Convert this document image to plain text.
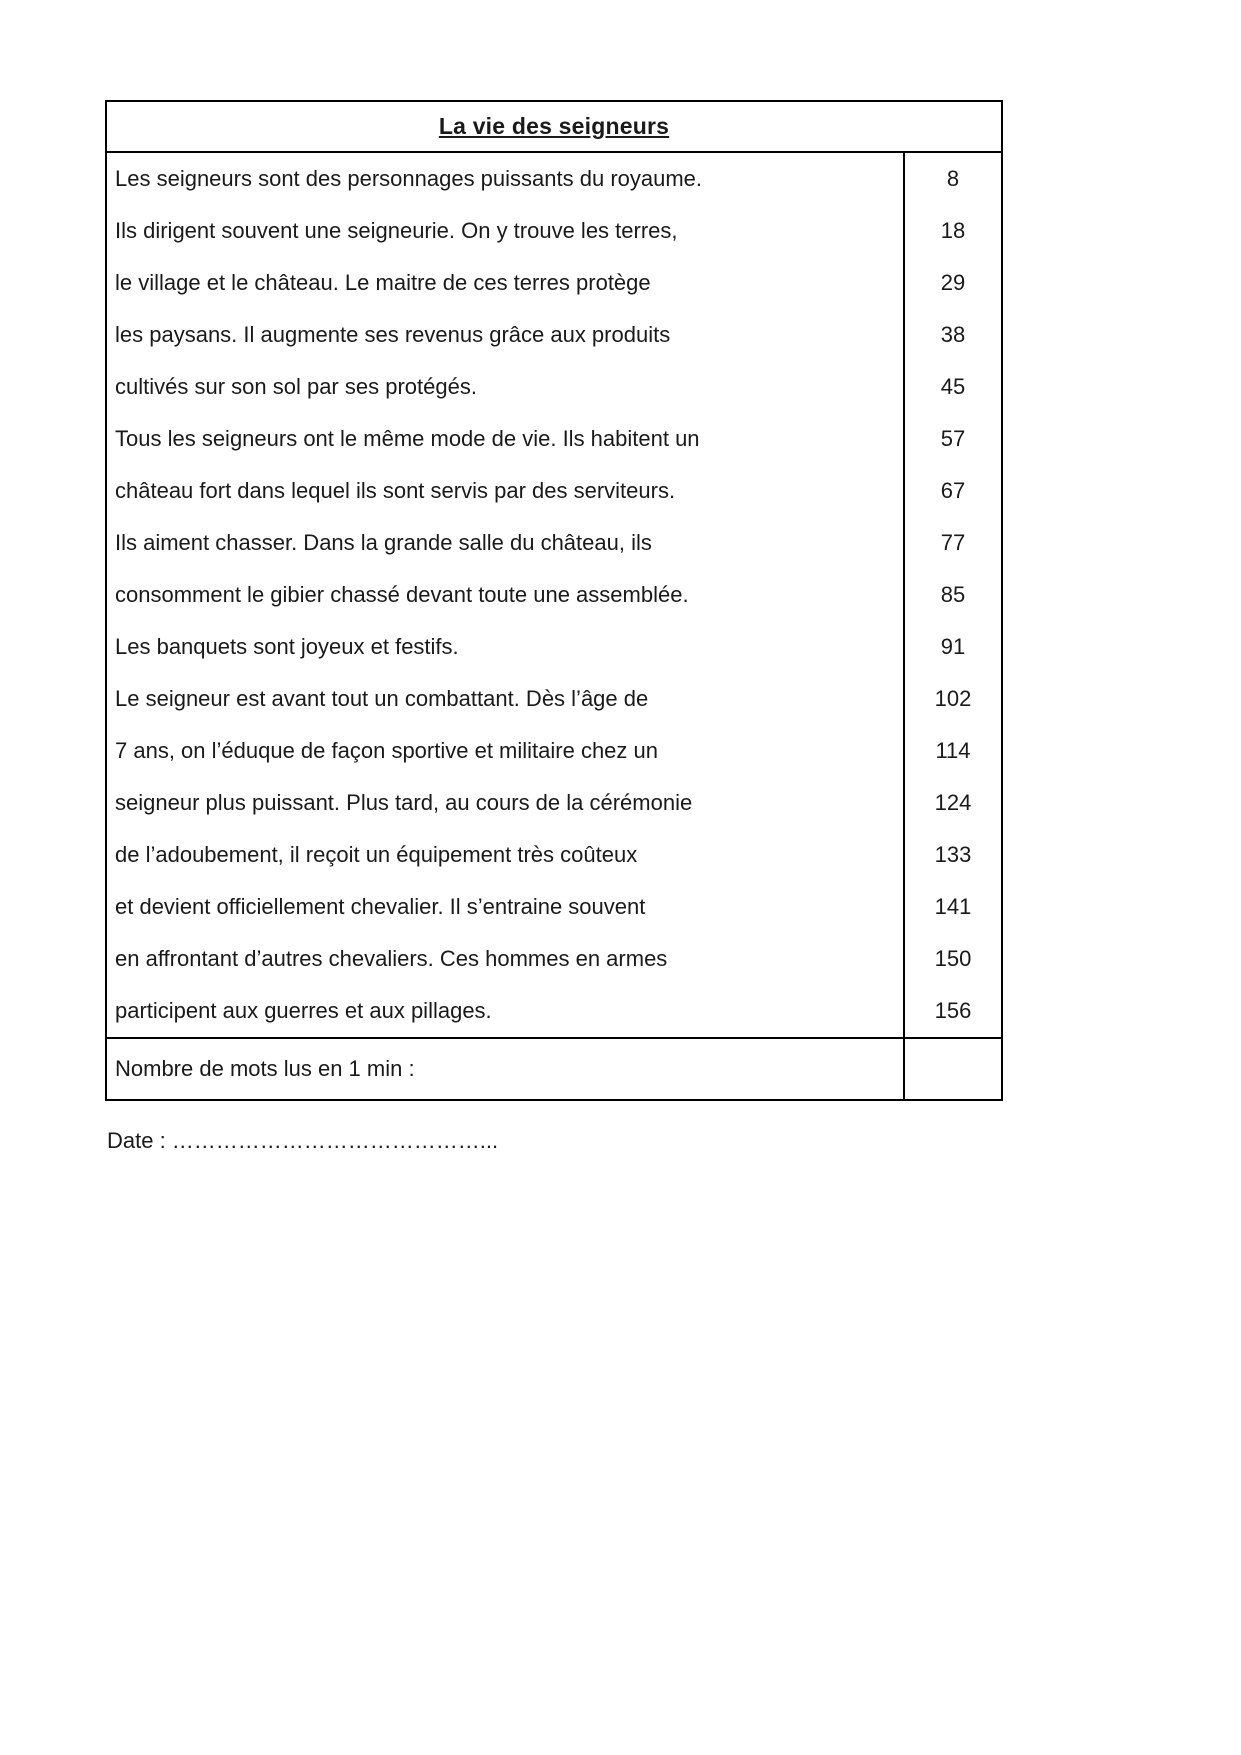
La vie des seigneurs
Les seigneurs sont des personnages puissants du royaume.	8
Ils dirigent souvent une seigneurie. On y trouve les terres,	18
le village et le château. Le maitre de ces terres protège	29
les paysans. Il augmente ses revenus grâce aux produits	38
cultivés sur son sol par ses protégés.	45
Tous les seigneurs ont le même mode de vie. Ils habitent un	57
château fort dans lequel ils sont servis par des serviteurs.	67
Ils aiment chasser. Dans la grande salle du château, ils	77
consomment le gibier chassé devant toute une assemblée.	85
Les banquets sont joyeux et festifs.	91
Le seigneur est avant tout un combattant. Dès l’âge de	102
7 ans, on l’éduque de façon sportive et militaire chez un	114
seigneur plus puissant. Plus tard, au cours de la cérémonie	124
de l’adoubement, il reçoit un équipement très coûteux	133
et devient officiellement chevalier. Il s’entraine souvent	141
en affrontant d’autres chevaliers. Ces hommes en armes	150
participent aux guerres et aux pillages.	156
Nombre de mots lus en 1 min :
Date : ……………………………………...
